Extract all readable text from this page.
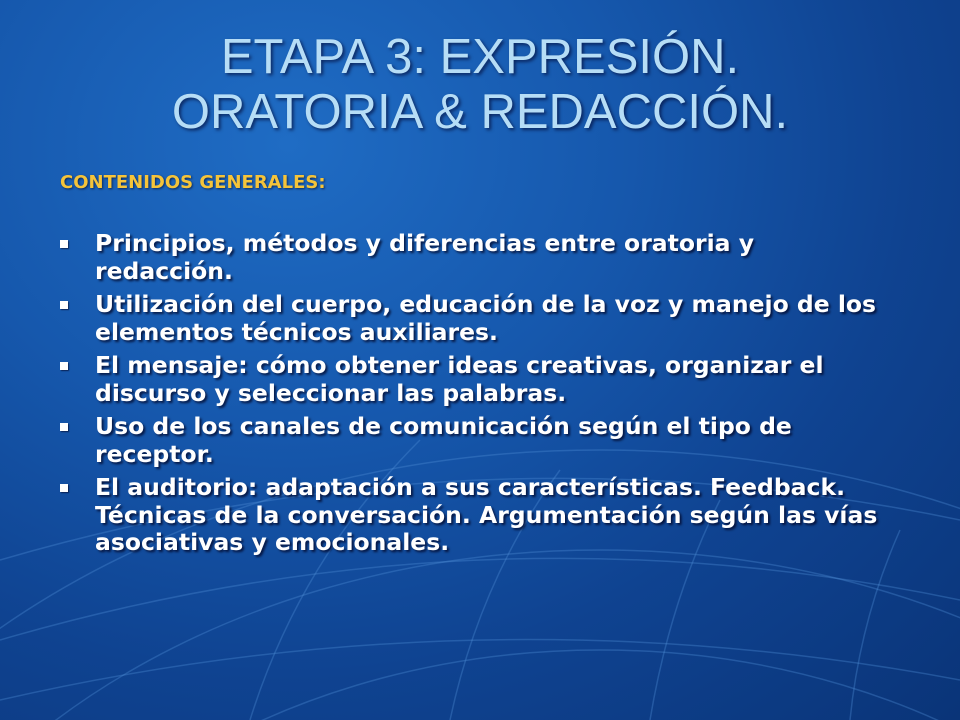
ETAPA 3: EXPRESIÓN.
ORATORIA & REDACCIÓN.
CONTENIDOS GENERALES:
Principios, métodos y diferencias entre oratoria y redacción.
Utilización del cuerpo, educación de la voz y manejo de los elementos técnicos auxiliares.
El mensaje: cómo obtener ideas creativas, organizar el discurso y seleccionar las palabras.
Uso de los canales de comunicación según el tipo de receptor.
El auditorio: adaptación a sus características. Feedback. Técnicas de la conversación. Argumentación según las vías asociativas y emocionales.
